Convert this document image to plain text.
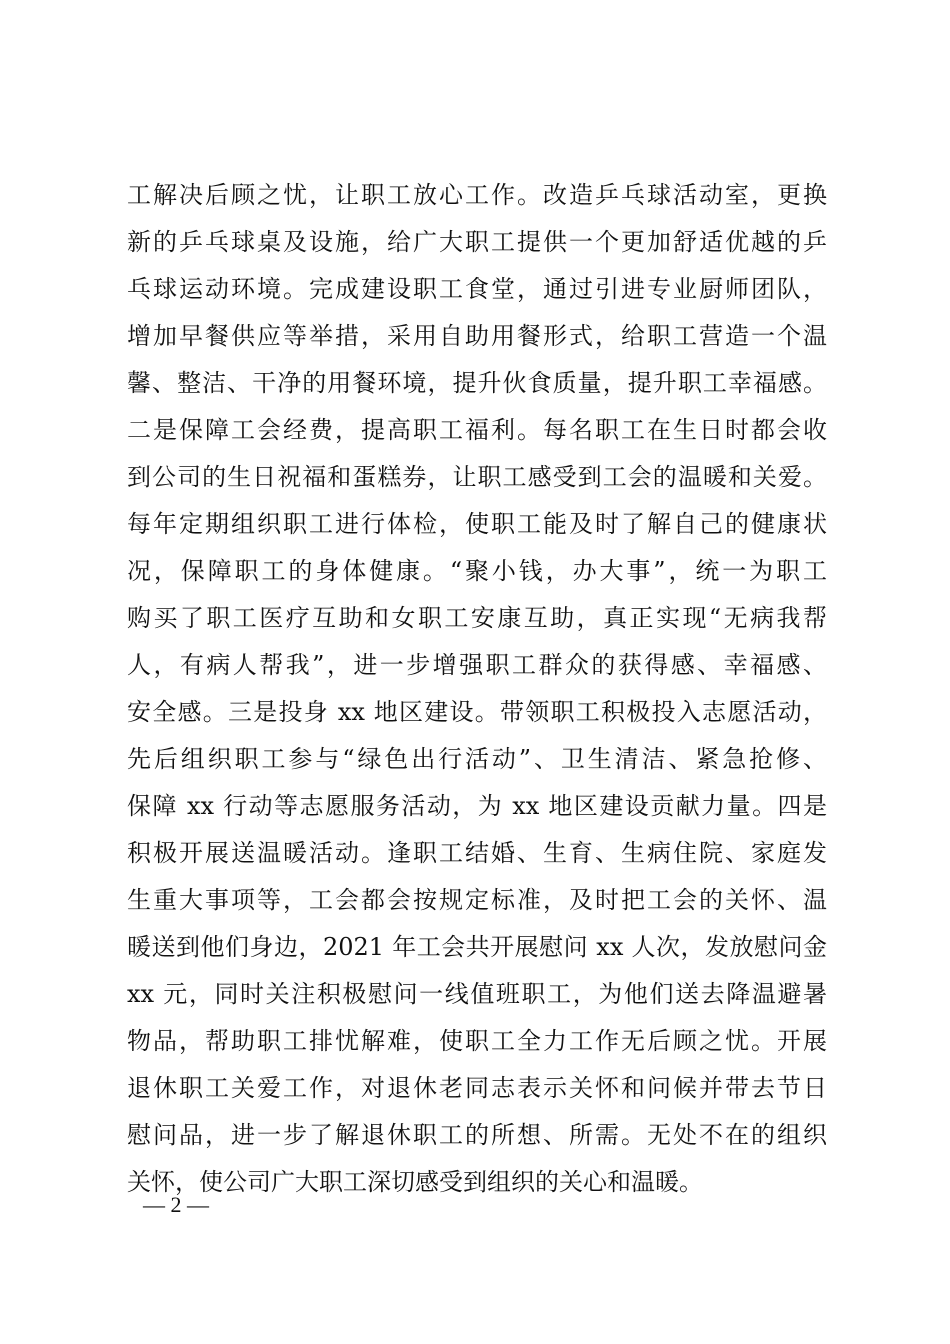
工解决后顾之忧，让职工放心工作。改造乒乓球活动室，更换
新的乒乓球桌及设施，给广大职工提供一个更加舒适优越的乒
乓球运动环境。完成建设职工食堂，通过引进专业厨师团队，
增加早餐供应等举措，采用自助用餐形式，给职工营造一个温
馨、整洁、干净的用餐环境，提升伙食质量，提升职工幸福感。
二是保障工会经费，提高职工福利。每名职工在生日时都会收
到公司的生日祝福和蛋糕券，让职工感受到工会的温暖和关爱。
每年定期组织职工进行体检，使职工能及时了解自己的健康状
况，保障职工的身体健康。“聚小钱，办大事”，统一为职工
购买了职工医疗互助和女职工安康互助，真正实现“无病我帮
人，有病人帮我”，进一步增强职工群众的获得感、幸福感、
安全感。三是投身 xx 地区建设。带领职工积极投入志愿活动，
先后组织职工参与“绿色出行活动”、卫生清洁、紧急抢修、
保障 xx 行动等志愿服务活动，为 xx 地区建设贡献力量。四是
积极开展送温暖活动。逢职工结婚、生育、生病住院、家庭发
生重大事项等，工会都会按规定标准，及时把工会的关怀、温
暖送到他们身边，2021 年工会共开展慰问 xx 人次，发放慰问金
xx 元，同时关注积极慰问一线值班职工，为他们送去降温避暑
物品，帮助职工排忧解难，使职工全力工作无后顾之忧。开展
退休职工关爱工作，对退休老同志表示关怀和问候并带去节日
慰问品，进一步了解退休职工的所想、所需。无处不在的组织
关怀，使公司广大职工深切感受到组织的关心和温暖。
— 2 —
